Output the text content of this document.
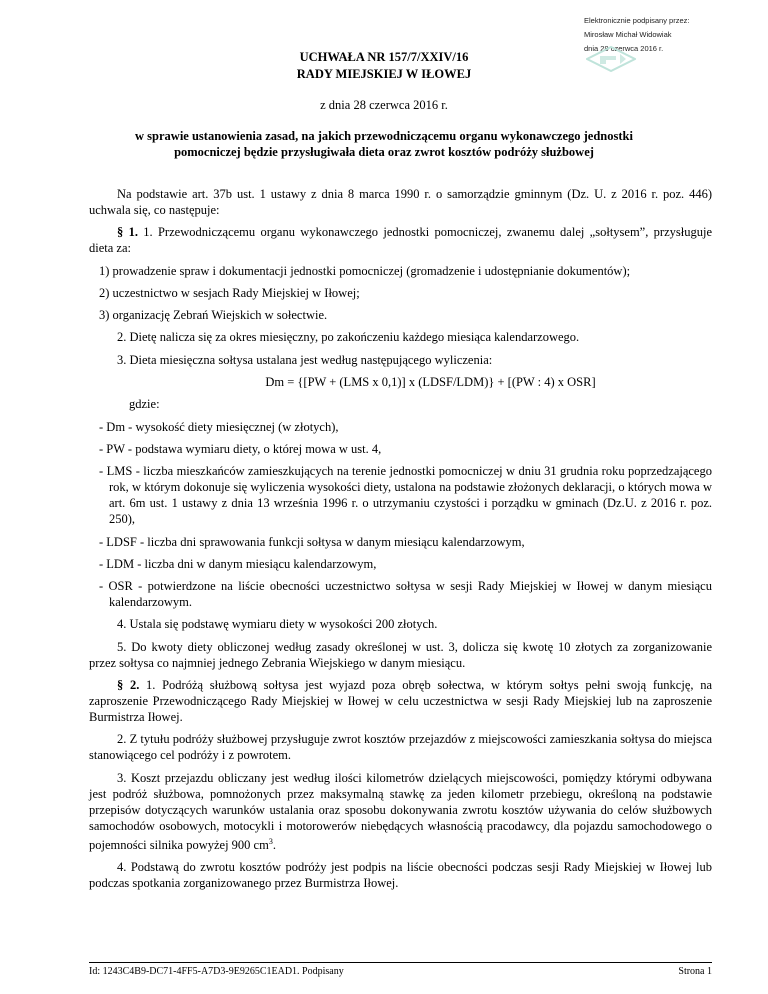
Elektronicznie podpisany przez:
Mirosław Michał Widowiak
dnia 28 czerwca 2016 r.
UCHWAŁA NR 157/7/XXIV/16
RADY MIEJSKIEJ W IŁOWEJ
z dnia 28 czerwca 2016 r.
w sprawie ustanowienia zasad, na jakich przewodniczącemu organu wykonawczego jednostki
pomocniczej będzie przysługiwała dieta oraz zwrot kosztów podróży służbowej

Na podstawie art. 37b ust. 1 ustawy z dnia 8 marca 1990 r. o samorządzie gminnym (Dz. U. z 2016 r. poz. 446) uchwala się, co następuje:

§ 1. 1. Przewodniczącemu organu wykonawczego jednostki pomocniczej, zwanemu dalej „sołtysem”, przysługuje dieta za:

1) prowadzenie spraw i dokumentacji jednostki pomocniczej (gromadzenie i udostępnianie dokumentów);

2) uczestnictwo w sesjach Rady Miejskiej w Iłowej;

3) organizację Zebrań Wiejskich w sołectwie.

2. Dietę nalicza się za okres miesięczny, po zakończeniu każdego miesiąca kalendarzowego.

3. Dieta miesięczna sołtysa ustalana jest według następującego wyliczenia:

Dm = {[PW + (LMS x 0,1)] x (LDSF/LDM)} + [(PW : 4) x OSR]

gdzie:

- Dm - wysokość diety miesięcznej (w złotych),

- PW - podstawa wymiaru diety, o której mowa w ust. 4,

- LMS - liczba mieszkańców zamieszkujących na terenie jednostki pomocniczej w dniu 31 grudnia roku poprzedzającego rok, w którym dokonuje się wyliczenia wysokości diety, ustalona na podstawie złożonych deklaracji, o których mowa w art. 6m ust. 1 ustawy z dnia 13 września 1996 r. o utrzymaniu czystości i porządku w gminach (Dz.U. z 2016 r. poz. 250),

- LDSF - liczba dni sprawowania funkcji sołtysa w danym miesiącu kalendarzowym,

- LDM - liczba dni w danym miesiącu kalendarzowym,

- OSR - potwierdzone na liście obecności uczestnictwo sołtysa w sesji Rady Miejskiej w Iłowej w danym miesiącu kalendarzowym.

4. Ustala się podstawę wymiaru diety w wysokości 200 złotych.

5. Do kwoty diety obliczonej według zasady określonej w ust. 3, dolicza się kwotę 10 złotych za zorganizowanie przez sołtysa co najmniej jednego Zebrania Wiejskiego w danym miesiącu.

§ 2. 1. Podróżą służbową sołtysa jest wyjazd poza obręb sołectwa, w którym sołtys pełni swoją funkcję, na zaproszenie Przewodniczącego Rady Miejskiej w Iłowej w celu uczestnictwa w sesji Rady Miejskiej lub na zaproszenie Burmistrza Iłowej.

2. Z tytułu podróży służbowej przysługuje zwrot kosztów przejazdów z miejscowości zamieszkania sołtysa do miejsca stanowiącego cel podróży i z powrotem.

3. Koszt przejazdu obliczany jest według ilości kilometrów dzielących miejscowości, pomiędzy którymi odbywana jest podróż służbowa, pomnożonych przez maksymalną stawkę za jeden kilometr przebiegu, określoną na podstawie przepisów dotyczących warunków ustalania oraz sposobu dokonywania zwrotu kosztów używania do celów służbowych samochodów osobowych, motocykli i motorowerów niebędących własnością pracodawcy, dla pojazdu samochodowego o pojemności silnika powyżej 900 $cm^3$.

4. Podstawą do zwrotu kosztów podróży jest podpis na liście obecności podczas sesji Rady Miejskiej w Iłowej lub podczas spotkania zorganizowanego przez Burmistrza Iłowej.

Id: 1243C4B9-DC71-4FF5-A7D3-9E9265C1EAD1. Podpisany	Strona 1
